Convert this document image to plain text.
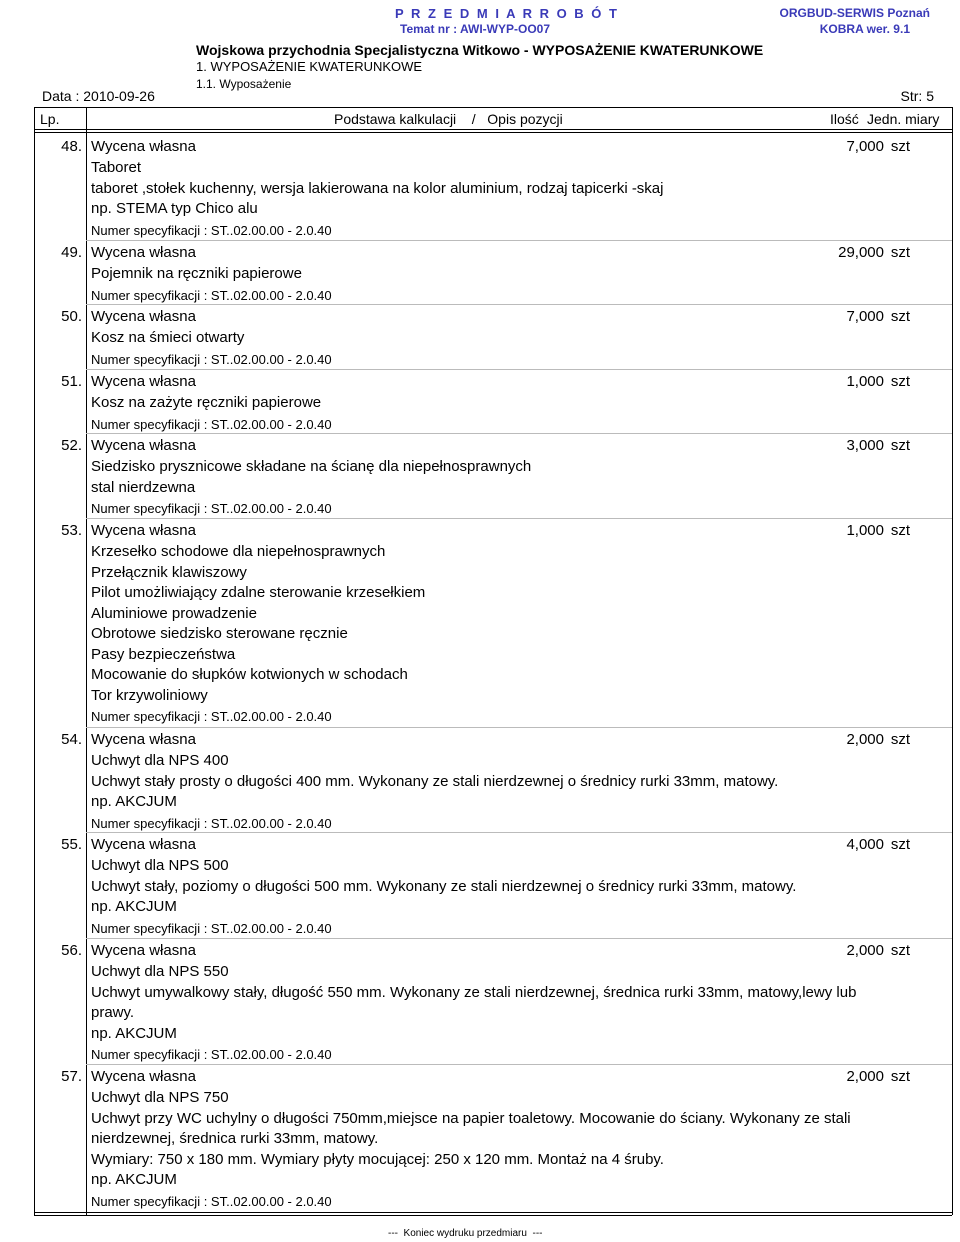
P R Z E D M I A R R O B Ó T
Temat nr : AWI-WYP-OO07
ORGBUD-SERWIS Poznań
KOBRA wer. 9.1
Wojskowa przychodnia Specjalistyczna Witkowo - WYPOSAŻENIE KWATERUNKOWE
1. WYPOSAŻENIE KWATERUNKOWE
Data : 2010-09-26
1.1. Wyposażenie
Str: 5
Lp.	Podstawa kalkulacji    /   Opis pozycji	Ilość Jedn. miary
48. Wycena własna	7,000 szt
Taboret
taboret ,stołek kuchenny, wersja lakierowana na kolor aluminium, rodzaj tapicerki -skaj
np. STEMA typ Chico alu
Numer specyfikacji : ST..02.00.00 - 2.0.40
49. Wycena własna	29,000 szt
Pojemnik na ręczniki papierowe
Numer specyfikacji : ST..02.00.00 - 2.0.40
50. Wycena własna	7,000 szt
Kosz na śmieci otwarty
Numer specyfikacji : ST..02.00.00 - 2.0.40
51. Wycena własna	1,000 szt
Kosz na zażyte ręczniki papierowe
Numer specyfikacji : ST..02.00.00 - 2.0.40
52. Wycena własna	3,000 szt
Siedzisko prysznicowe składane na ścianę dla niepełnosprawnych
stal nierdzewna
Numer specyfikacji : ST..02.00.00 - 2.0.40
53. Wycena własna	1,000 szt
Krzesełko schodowe dla niepełnosprawnych
Przełącznik klawiszowy
Pilot umożliwiający zdalne sterowanie krzesełkiem
Aluminiowe prowadzenie
Obrotowe siedzisko sterowane ręcznie
Pasy bezpieczeństwa
Mocowanie do słupków kotwionych w schodach
Tor krzywoliniowy
Numer specyfikacji : ST..02.00.00 - 2.0.40
54. Wycena własna	2,000 szt
Uchwyt dla NPS 400
Uchwyt stały prosty o długości 400 mm. Wykonany ze stali nierdzewnej o średnicy rurki 33mm, matowy.
np. AKCJUM
Numer specyfikacji : ST..02.00.00 - 2.0.40
55. Wycena własna	4,000 szt
Uchwyt dla NPS 500
Uchwyt stały, poziomy o długości 500 mm. Wykonany ze stali nierdzewnej o średnicy rurki 33mm, matowy.
np. AKCJUM
Numer specyfikacji : ST..02.00.00 - 2.0.40
56. Wycena własna	2,000 szt
Uchwyt dla NPS 550
Uchwyt umywalkowy stały, długość 550 mm. Wykonany ze stali nierdzewnej, średnica rurki 33mm, matowy,lewy lub
prawy.
np. AKCJUM
Numer specyfikacji : ST..02.00.00 - 2.0.40
57. Wycena własna	2,000 szt
Uchwyt dla NPS 750
Uchwyt przy WC uchylny o długości 750mm,miejsce na papier toaletowy. Mocowanie do ściany. Wykonany ze stali
nierdzewnej, średnica rurki 33mm, matowy.
Wymiary: 750 x 180 mm. Wymiary płyty mocującej: 250 x 120 mm. Montaż na 4 śruby.
np. AKCJUM
Numer specyfikacji : ST..02.00.00 - 2.0.40
---  Koniec wydruku przedmiaru  ---
